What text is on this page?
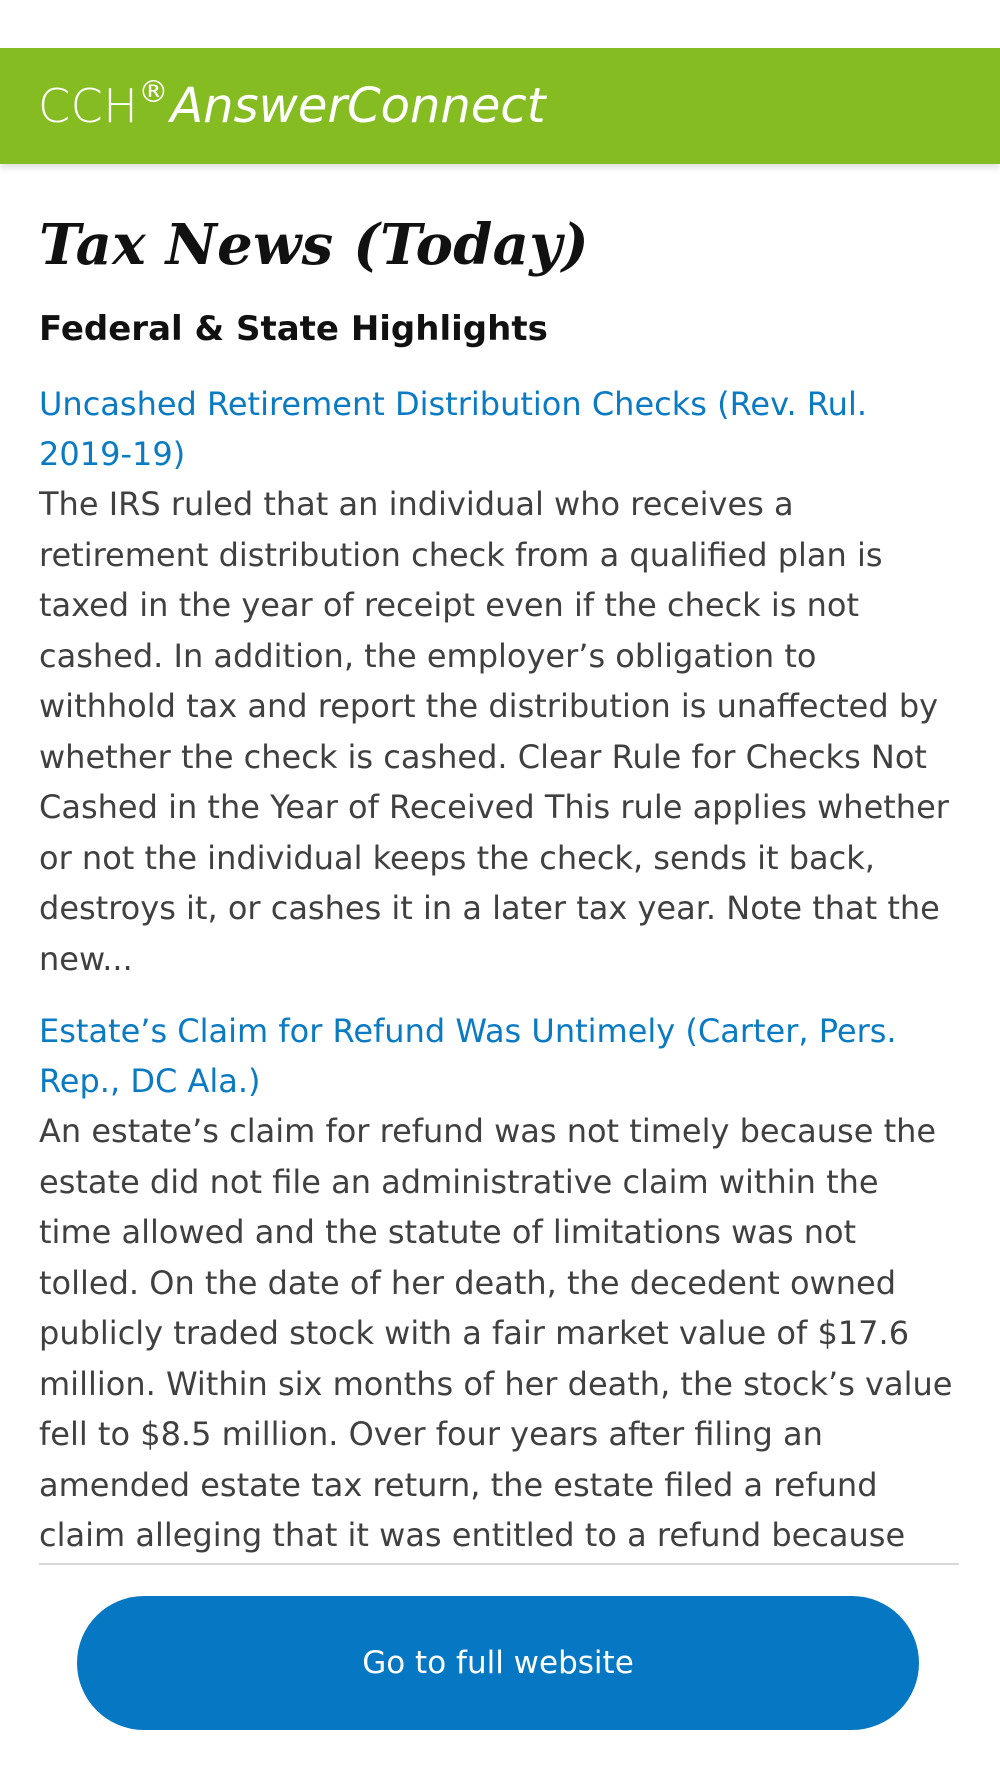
CCH ® AnswerConnect
Tax News (Today)
Federal & State Highlights
Uncashed Retirement Distribution Checks (Rev. Rul. 2019-19)

The IRS ruled that an individual who receives a retirement distribution check from a qualified plan is taxed in the year of receipt even if the check is not cashed. In addition, the employer’s obligation to withhold tax and report the distribution is unaffected by whether the check is cashed. Clear Rule for Checks Not Cashed in the Year of Received This rule applies whether or not the individual keeps the check, sends it back, destroys it, or cashes it in a later tax year. Note that the new...

Estate’s Claim for Refund Was Untimely (Carter, Pers. Rep., DC Ala.)

An estate’s claim for refund was not timely because the estate did not file an administrative claim within the time allowed and the statute of limitations was not tolled. On the date of her death, the decedent owned publicly traded stock with a fair market value of $17.6 million. Within six months of her death, the stock’s value fell to $8.5 million. Over four years after filing an amended estate tax return, the estate filed a refund claim alleging that it was entitled to a refund because

Go to full website
